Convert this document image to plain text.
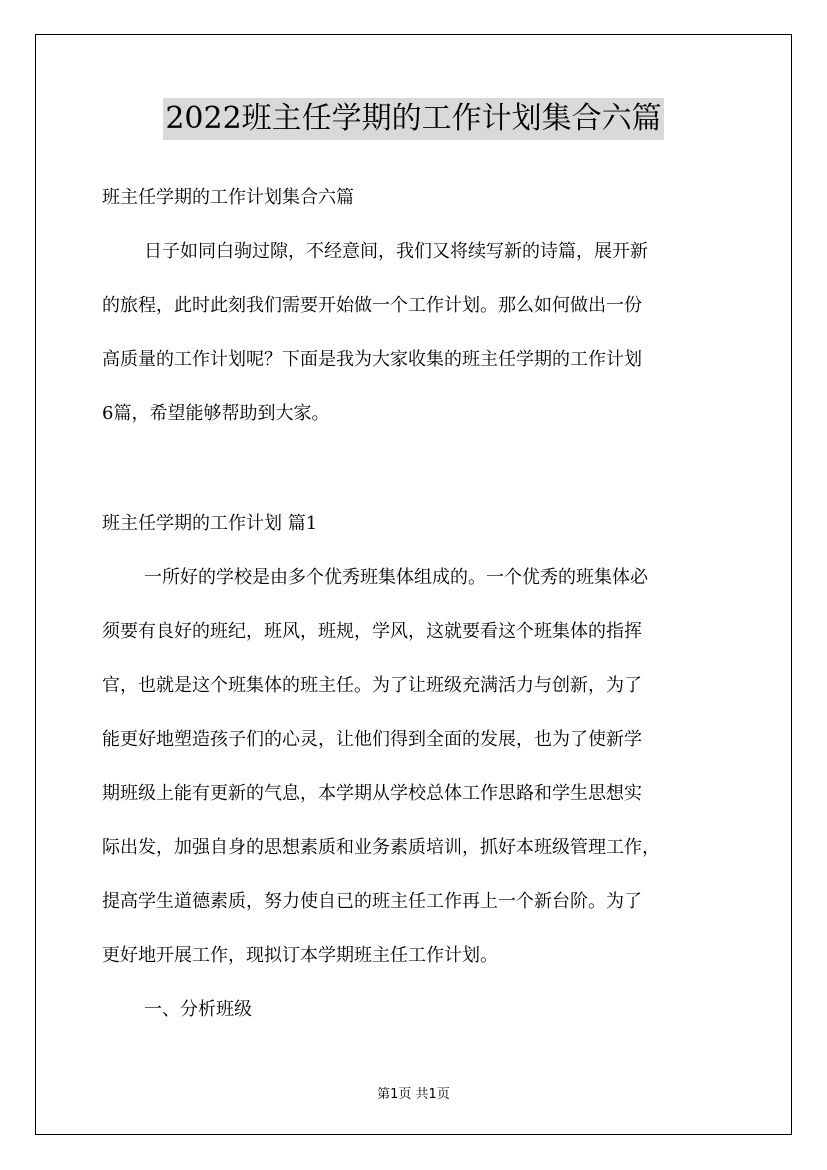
2022班主任学期的工作计划集合六篇
班主任学期的工作计划集合六篇
日子如同白驹过隙，不经意间，我们又将续写新的诗篇，展开新
的旅程，此时此刻我们需要开始做一个工作计划。那么如何做出一份
高质量的工作计划呢？下面是我为大家收集的班主任学期的工作计划
6篇，希望能够帮助到大家。
班主任学期的工作计划 篇1
一所好的学校是由多个优秀班集体组成的。一个优秀的班集体必
须要有良好的班纪，班风，班规，学风，这就要看这个班集体的指挥
官，也就是这个班集体的班主任。为了让班级充满活力与创新，为了
能更好地塑造孩子们的心灵，让他们得到全面的发展，也为了使新学
期班级上能有更新的气息，本学期从学校总体工作思路和学生思想实
际出发，加强自身的思想素质和业务素质培训，抓好本班级管理工作，
提高学生道德素质，努力使自已的班主任工作再上一个新台阶。为了
更好地开展工作，现拟订本学期班主任工作计划。
一、分析班级
第1页 共1页
